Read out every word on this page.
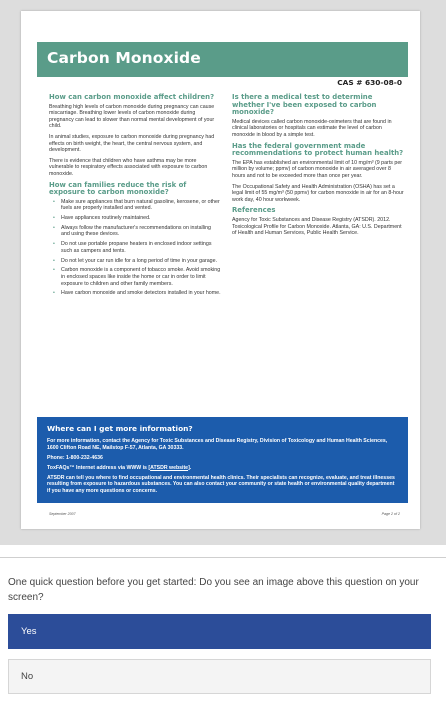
Carbon Monoxide
CAS # 630-08-0
How can carbon monoxide affect children?

Breathing high levels of carbon monoxide during pregnancy can cause miscarriage. Breathing lower levels of carbon monoxide during pregnancy can lead to slower than normal mental development of your child.

In animal studies, exposure to carbon monoxide during pregnancy had effects on birth weight, the heart, the central nervous system, and development.

There is evidence that children who have asthma may be more vulnerable to respiratory effects associated with exposure to carbon monoxide.

How can families reduce the risk of exposure to carbon monoxide?
• Make sure appliances that burn natural gasoline, kerosene, or other fuels are properly installed and vented.
• Have appliances routinely maintained.
• Always follow the manufacturer's recommendations on installing and using these devices.
• Do not use portable propane heaters in enclosed indoor settings such as campers and tents.
• Do not let your car run idle for a long period of time in your garage.
• Carbon monoxide is a component of tobacco smoke. Avoid smoking in enclosed spaces like inside the home or car in order to limit exposure to children and other family members.
• Have carbon monoxide and smoke detectors installed in your home.
Is there a medical test to determine whether I've been exposed to carbon monoxide?

Medical devices called carbon monoxide-oximeters that are found in clinical laboratories or hospitals can estimate the level of carbon monoxide in blood by a simple test.

Has the federal government made recommendations to protect human health?

The EPA has established an environmental limit of 10 mg/m³ (9 parts per million by volume; ppmv) of carbon monoxide in air averaged over 8 hours and not to be exceeded more than once per year.

The Occupational Safety and Health Administration (OSHA) has set a legal limit of 55 mg/m³ (50 ppmv) for carbon monoxide in air for an 8-hour work day, 40 hour workweek.

References

Agency for Toxic Substances and Disease Registry (ATSDR). 2012. Toxicological Profile for Carbon Monoxide. Atlanta, GA: U.S. Department of Health and Human Services, Public Health Service.

Where can I get more information?

For more information, contact the Agency for Toxic Substances and Disease Registry, Division of Toxicology and Human Health Sciences, 1600 Clifton Road NE, Mailstop F-57, Atlanta, GA 30333.

Phone: 1-800-232-4636

ToxFAQs™ Internet address via WWW is [ATSDR website].

ATSDR can tell you where to find occupational and environmental health clinics. Their specialists can recognize, evaluate, and treat illnesses resulting from exposure to hazardous substances. You can also contact your community or state health or environmental quality department if you have any more questions or concerns.

September 2007	Page 2 of 2
One quick question before you get started: Do you see an image above this question on your screen?
Yes
No
